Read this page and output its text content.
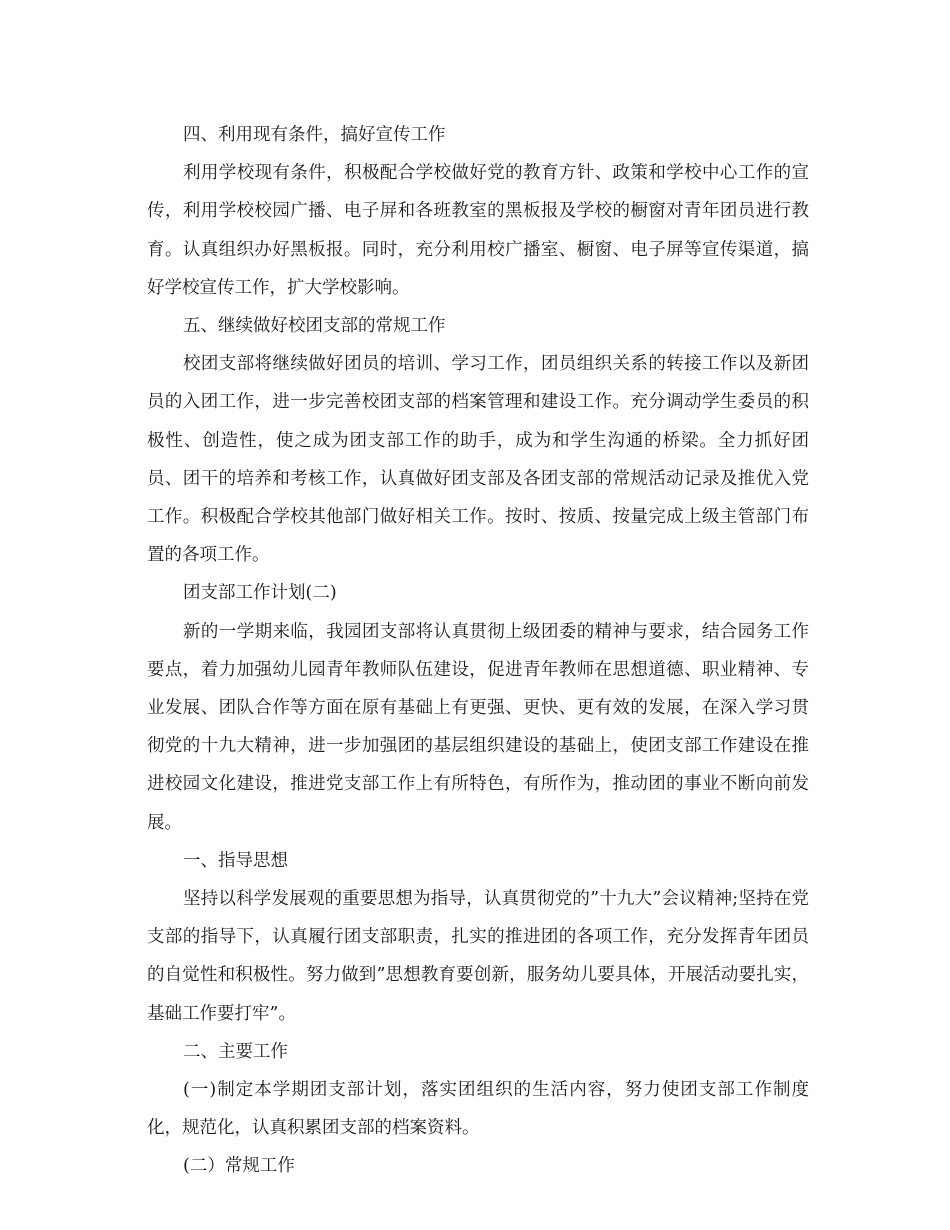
四、利用现有条件，搞好宣传工作

利用学校现有条件，积极配合学校做好党的教育方针、政策和学校中心工作的宣传，利用学校校园广播、电子屏和各班教室的黑板报及学校的橱窗对青年团员进行教育。认真组织办好黑板报。同时，充分利用校广播室、橱窗、电子屏等宣传渠道，搞好学校宣传工作，扩大学校影响。

五、继续做好校团支部的常规工作

校团支部将继续做好团员的培训、学习工作，团员组织关系的转接工作以及新团员的入团工作，进一步完善校团支部的档案管理和建设工作。充分调动学生委员的积极性、创造性，使之成为团支部工作的助手，成为和学生沟通的桥梁。全力抓好团员、团干的培养和考核工作，认真做好团支部及各团支部的常规活动记录及推优入党工作。积极配合学校其他部门做好相关工作。按时、按质、按量完成上级主管部门布置的各项工作。

团支部工作计划(二)

新的一学期来临，我园团支部将认真贯彻上级团委的精神与要求，结合园务工作要点，着力加强幼儿园青年教师队伍建设，促进青年教师在思想道德、职业精神、专业发展、团队合作等方面在原有基础上有更强、更快、更有效的发展，在深入学习贯彻党的十九大精神，进一步加强团的基层组织建设的基础上，使团支部工作建设在推进校园文化建设，推进党支部工作上有所特色，有所作为，推动团的事业不断向前发展。

一、指导思想

坚持以科学发展观的重要思想为指导，认真贯彻党的”十九大”会议精神;坚持在党支部的指导下，认真履行团支部职责，扎实的推进团的各项工作，充分发挥青年团员的自觉性和积极性。努力做到”思想教育要创新，服务幼儿要具体，开展活动要扎实，基础工作要打牢”。

二、主要工作

(一)制定本学期团支部计划，落实团组织的生活内容，努力使团支部工作制度化，规范化，认真积累团支部的档案资料。

(二）常规工作
